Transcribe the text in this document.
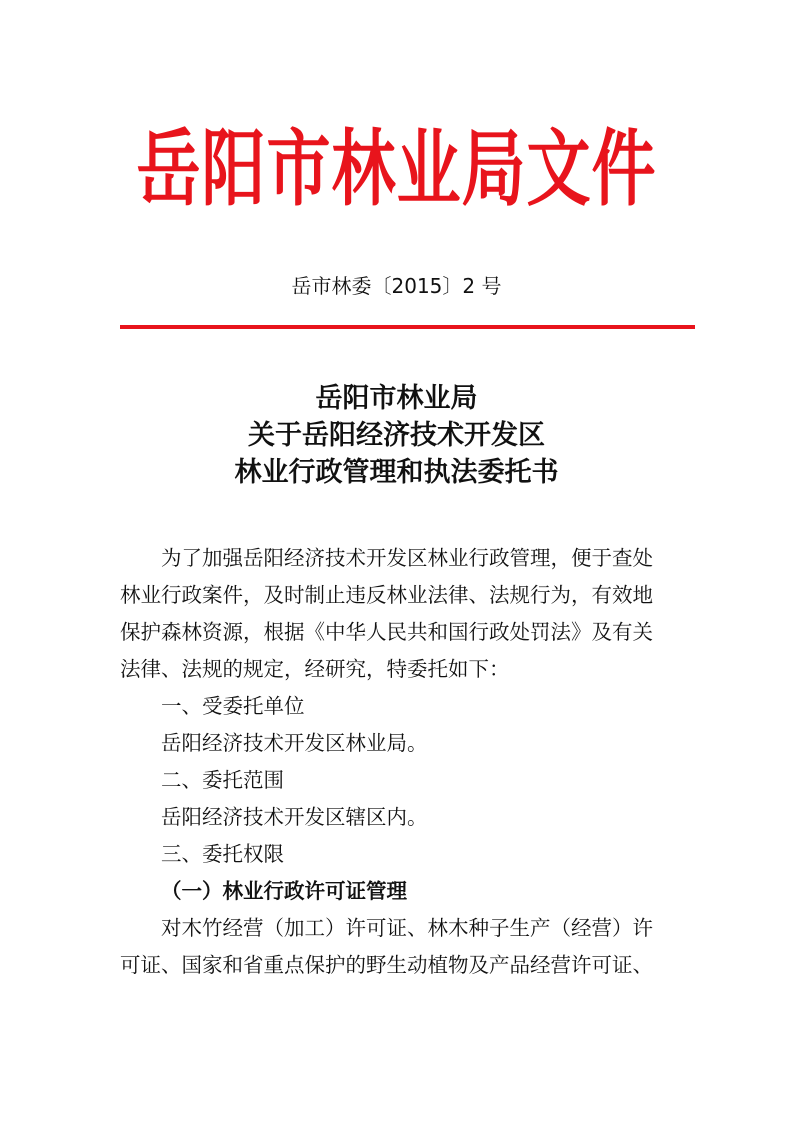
岳阳市林业局文件
岳市林委〔2015〕2 号
岳阳市林业局
关于岳阳经济技术开发区
林业行政管理和执法委托书
为了加强岳阳经济技术开发区林业行政管理，便于查处
林业行政案件，及时制止违反林业法律、法规行为，有效地
保护森林资源，根据《中华人民共和国行政处罚法》及有关
法律、法规的规定，经研究，特委托如下：
一、受委托单位
岳阳经济技术开发区林业局。
二、委托范围
岳阳经济技术开发区辖区内。
三、委托权限
（一）林业行政许可证管理
对木竹经营（加工）许可证、林木种子生产（经营）许
可证、国家和省重点保护的野生动植物及产品经营许可证、
